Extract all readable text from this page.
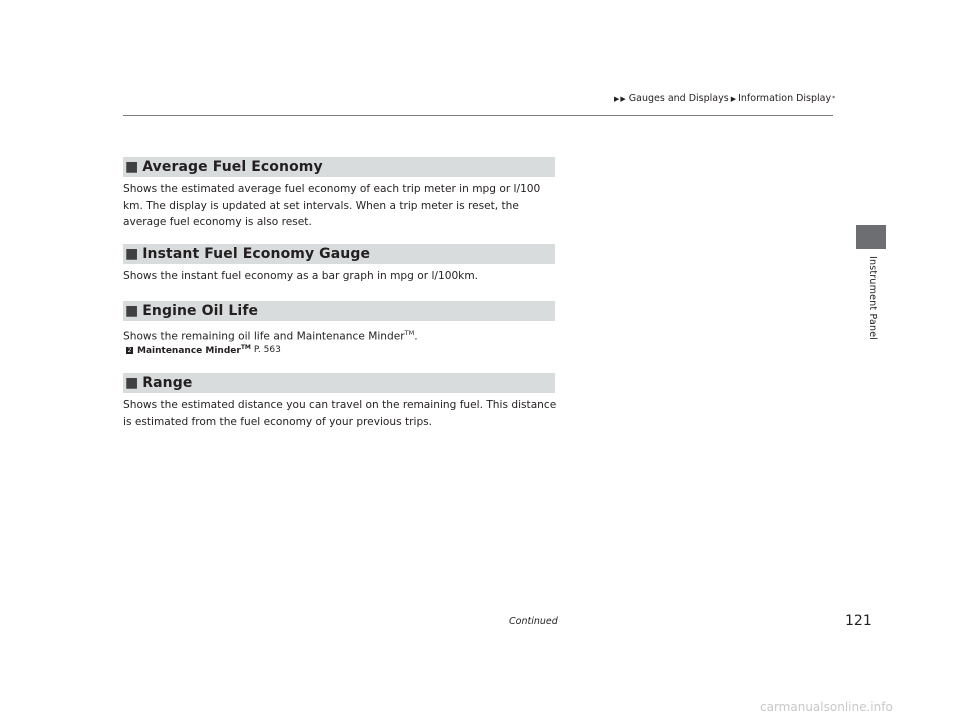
▶ ▶ Gauges and Displays ▶ Information Display *
Instrument Panel
■ Average Fuel Economy
Shows the estimated average fuel economy of each trip meter in mpg or l/100 km. The display is updated at set intervals. When a trip meter is reset, the average fuel economy is also reset.
■ Instant Fuel Economy Gauge
Shows the instant fuel economy as a bar graph in mpg or l/100km.
■ Engine Oil Life
Shows the remaining oil life and Maintenance Minder™.
2 Maintenance Minder™ P. 563
■ Range
Shows the estimated distance you can travel on the remaining fuel. This distance is estimated from the fuel economy of your previous trips.
Continued	121
carmanualsonline.info
